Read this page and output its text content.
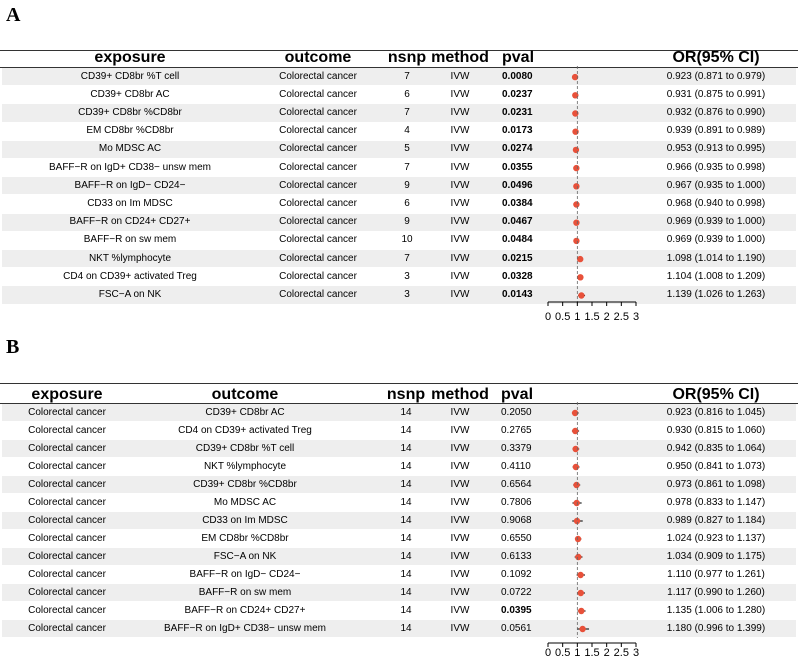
A
B
exposure	outcome	nsnp method pval	OR(95% CI)
CD39+ CD8br %T cell	Colorectal cancer	7	IVW	0.0080	0.923 (0.871 to 0.979)
CD39+ CD8br AC	Colorectal cancer	6	IVW	0.0237	0.931 (0.875 to 0.991)
CD39+ CD8br %CD8br	Colorectal cancer	7	IVW	0.0231	0.932 (0.876 to 0.990)
EM CD8br %CD8br	Colorectal cancer	4	IVW	0.0173	0.939 (0.891 to 0.989)
Mo MDSC AC	Colorectal cancer	5	IVW	0.0274	0.953 (0.913 to 0.995)
BAFF−R on IgD+ CD38− unsw mem	Colorectal cancer	7	IVW	0.0355	0.966 (0.935 to 0.998)
BAFF−R on IgD− CD24−	Colorectal cancer	9	IVW	0.0496	0.967 (0.935 to 1.000)
CD33 on Im MDSC	Colorectal cancer	6	IVW	0.0384	0.968 (0.940 to 0.998)
BAFF−R on CD24+ CD27+	Colorectal cancer	9	IVW	0.0467	0.969 (0.939 to 1.000)
BAFF−R on sw mem	Colorectal cancer	10	IVW	0.0484	0.969 (0.939 to 1.000)
NKT %lymphocyte	Colorectal cancer	7	IVW	0.0215	1.098 (1.014 to 1.190)
CD4 on CD39+ activated Treg	Colorectal cancer	3	IVW	0.0328	1.104 (1.008 to 1.209)
FSC−A on NK	Colorectal cancer	3	IVW	0.0143	1.139 (1.026 to 1.263)
exposure	outcome	nsnp method pval	OR(95% CI)
Colorectal cancer	CD39+ CD8br AC	14	IVW	0.2050	0.923 (0.816 to 1.045)
Colorectal cancer	CD4 on CD39+ activated Treg	14	IVW	0.2765	0.930 (0.815 to 1.060)
Colorectal cancer	CD39+ CD8br %T cell	14	IVW	0.3379	0.942 (0.835 to 1.064)
Colorectal cancer	NKT %lymphocyte	14	IVW	0.4110	0.950 (0.841 to 1.073)
Colorectal cancer	CD39+ CD8br %CD8br	14	IVW	0.6564	0.973 (0.861 to 1.098)
Colorectal cancer	Mo MDSC AC	14	IVW	0.7806	0.978 (0.833 to 1.147)
Colorectal cancer	CD33 on Im MDSC	14	IVW	0.9068	0.989 (0.827 to 1.184)
Colorectal cancer	EM CD8br %CD8br	14	IVW	0.6550	1.024 (0.923 to 1.137)
Colorectal cancer	FSC−A on NK	14	IVW	0.6133	1.034 (0.909 to 1.175)
Colorectal cancer	BAFF−R on IgD− CD24−	14	IVW	0.1092	1.110 (0.977 to 1.261)
Colorectal cancer	BAFF−R on sw mem	14	IVW	0.0722	1.117 (0.990 to 1.260)
Colorectal cancer	BAFF−R on CD24+ CD27+	14	IVW	0.0395	1.135 (1.006 to 1.280)
Colorectal cancer	BAFF−R on IgD+ CD38− unsw mem	14	IVW	0.0561	1.180 (0.996 to 1.399)
0 0.5 1 1.5 2 2.5 3
0 0.5 1 1.5 2 2.5 3
